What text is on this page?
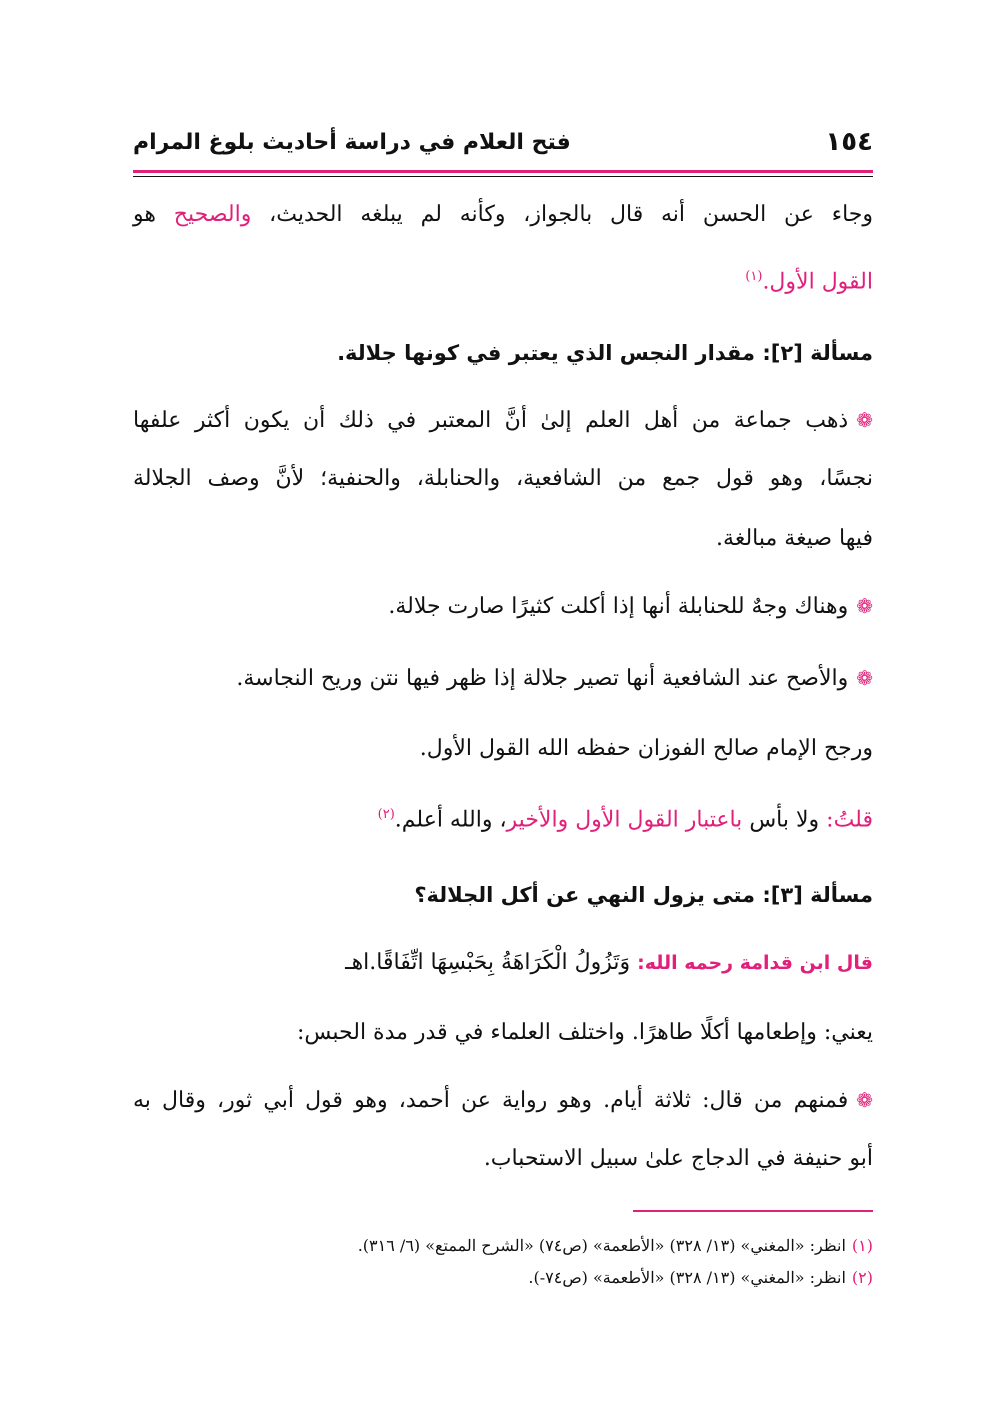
١٥٤
فتح العلام في دراسة أحاديث بلوغ المرام
وجاء عن الحسن أنه قال بالجواز، وكأنه لم يبلغه الحديث، والصحيح هو
القول الأول.$^{(١)}$
مسألة [٢]: مقدار النجس الذي يعتبر في كونها جلالة.
❁ذهب جماعة من أهل العلم إلىٰ أنَّ المعتبر في ذلك أن يكون أكثر علفها
نجسًا، وهو قول جمع من الشافعية، والحنابلة، والحنفية؛ لأنَّ وصف الجلالة
فيها صيغة مبالغة.
❁وهناك وجهٌ للحنابلة أنها إذا أكلت كثيرًا صارت جلالة.
❁والأصح عند الشافعية أنها تصير جلالة إذا ظهر فيها نتن وريح النجاسة.
ورجح الإمام صالح الفوزان حفظه الله القول الأول.
قلتُ: ولا بأس باعتبار القول الأول والأخير، والله أعلم.$^{(٢)}$
مسألة [٣]: متى يزول النهي عن أكل الجلالة؟
قال ابن قدامة رحمه الله: وَتَزُولُ الْكَرَاهَةُ بِحَبْسِهَا اتِّفَاقًا.اهـ
يعني: وإطعامها أكلًا طاهرًا. واختلف العلماء في قدر مدة الحبس:
❁فمنهم من قال: ثلاثة أيام. وهو رواية عن أحمد، وهو قول أبي ثور، وقال به
أبو حنيفة في الدجاج علىٰ سبيل الاستحباب.
(١)انظر: «المغني» (١٣/ ٣٢٨) «الأطعمة» (ص٧٤) «الشرح الممتع» (٦/ ٣١٦).
(٢)انظر: «المغني» (١٣/ ٣٢٨) «الأطعمة» (ص٧٤-).
